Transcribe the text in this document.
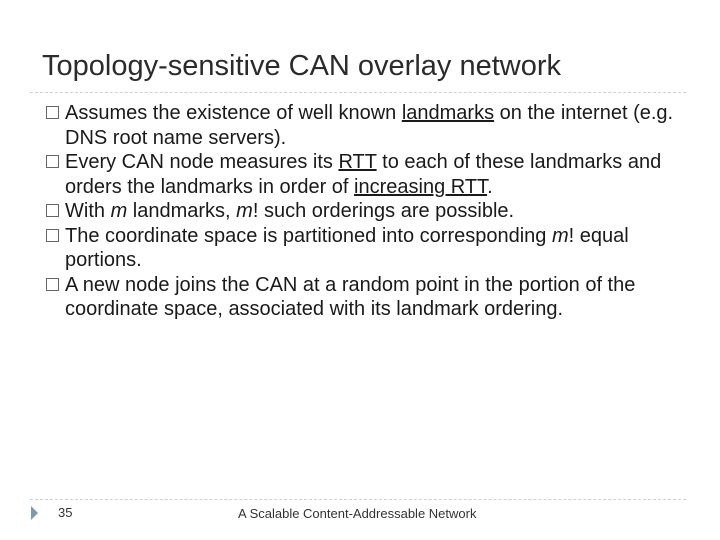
Topology-sensitive CAN overlay network
Assumes the existence of well known landmarks on the internet (e.g. DNS root name servers).
Every CAN node measures its RTT to each of these landmarks and orders the landmarks in order of increasing RTT.
With m landmarks, m! such orderings are possible.
The coordinate space is partitioned into corresponding m! equal portions.
A new node joins the CAN at a random point in the portion of the coordinate space, associated with its landmark ordering.
35	A Scalable Content-Addressable Network
